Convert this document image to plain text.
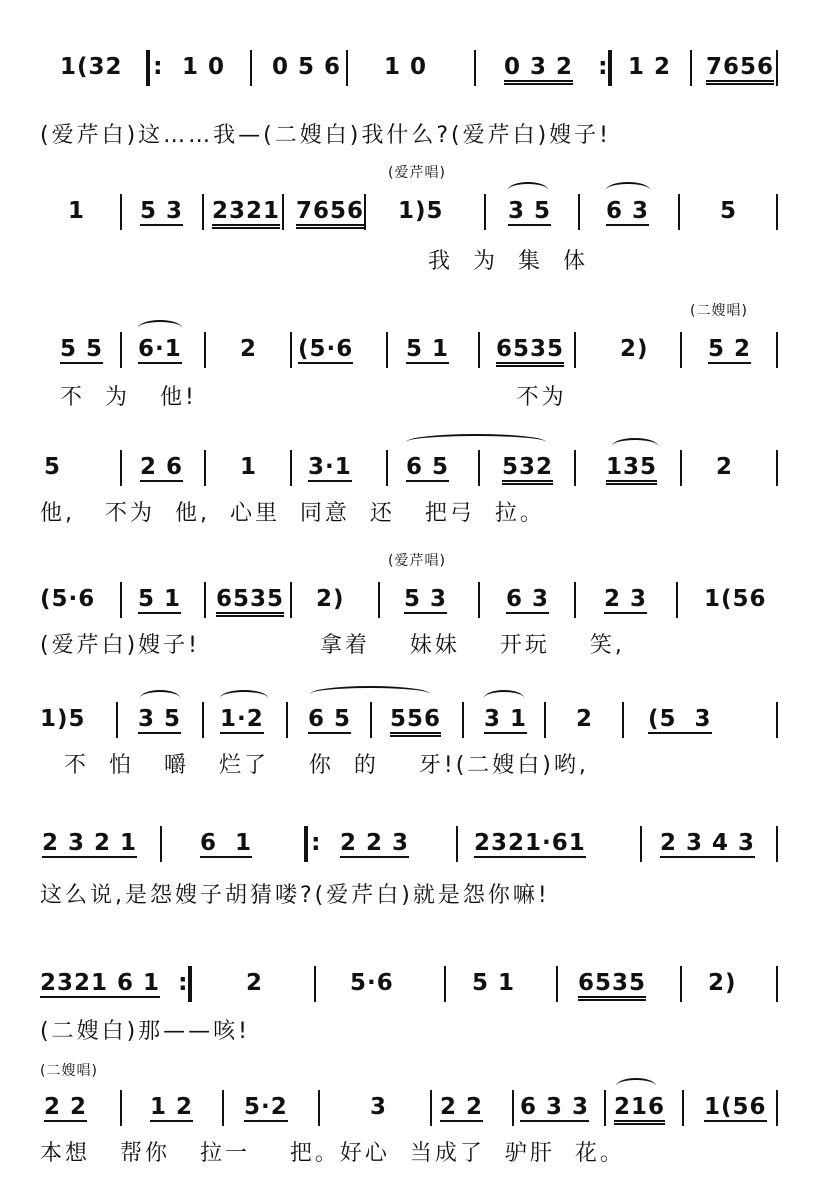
1(32 :	1 0 0 5 6 1 0	0 3 2 : 1 2 7656
(爱芹白)这……我—(二嫂白)我什么?(爱芹白)嫂子!
(爱芹唱)
1 5 3 2321 7656 1)5	3 5 6 3	5
我  为  集  体
(二嫂唱)
5 5 6·1	2 (5·6 5 1 6535 2)	5 2
不  为   他!                                不为
5	2 6 1 3·1 6 5 532 135	2
他,   不为  他,  心里  同意  还   把弓  拉。
(爱芹唱)
(5·6 5 1 6535 2)	5 3	6 3 2 3 1(56
(爱芹白)嫂子!            拿着    妹妹    开玩    笑,
1)5 3 5 1·2 6 5 556 3 1 2 (5  3
不  怕   嚼   烂了    你  的    牙!(二嫂白)哟,
2 3 2 1	6  1 :	2 2 3	2321·61	2 3 4 3
这么说,是怨嫂子胡猜喽?(爱芹白)就是怨你嘛!
2321 6 1 :	2	5·6	5 1	6535	2)
(二嫂白)那——咳!
(二嫂唱)
2 2	1 2 5·2	3 2 2 6 3 3 216 1(56
本想   帮你   拉一    把。好心  当成了  驴肝  花。
